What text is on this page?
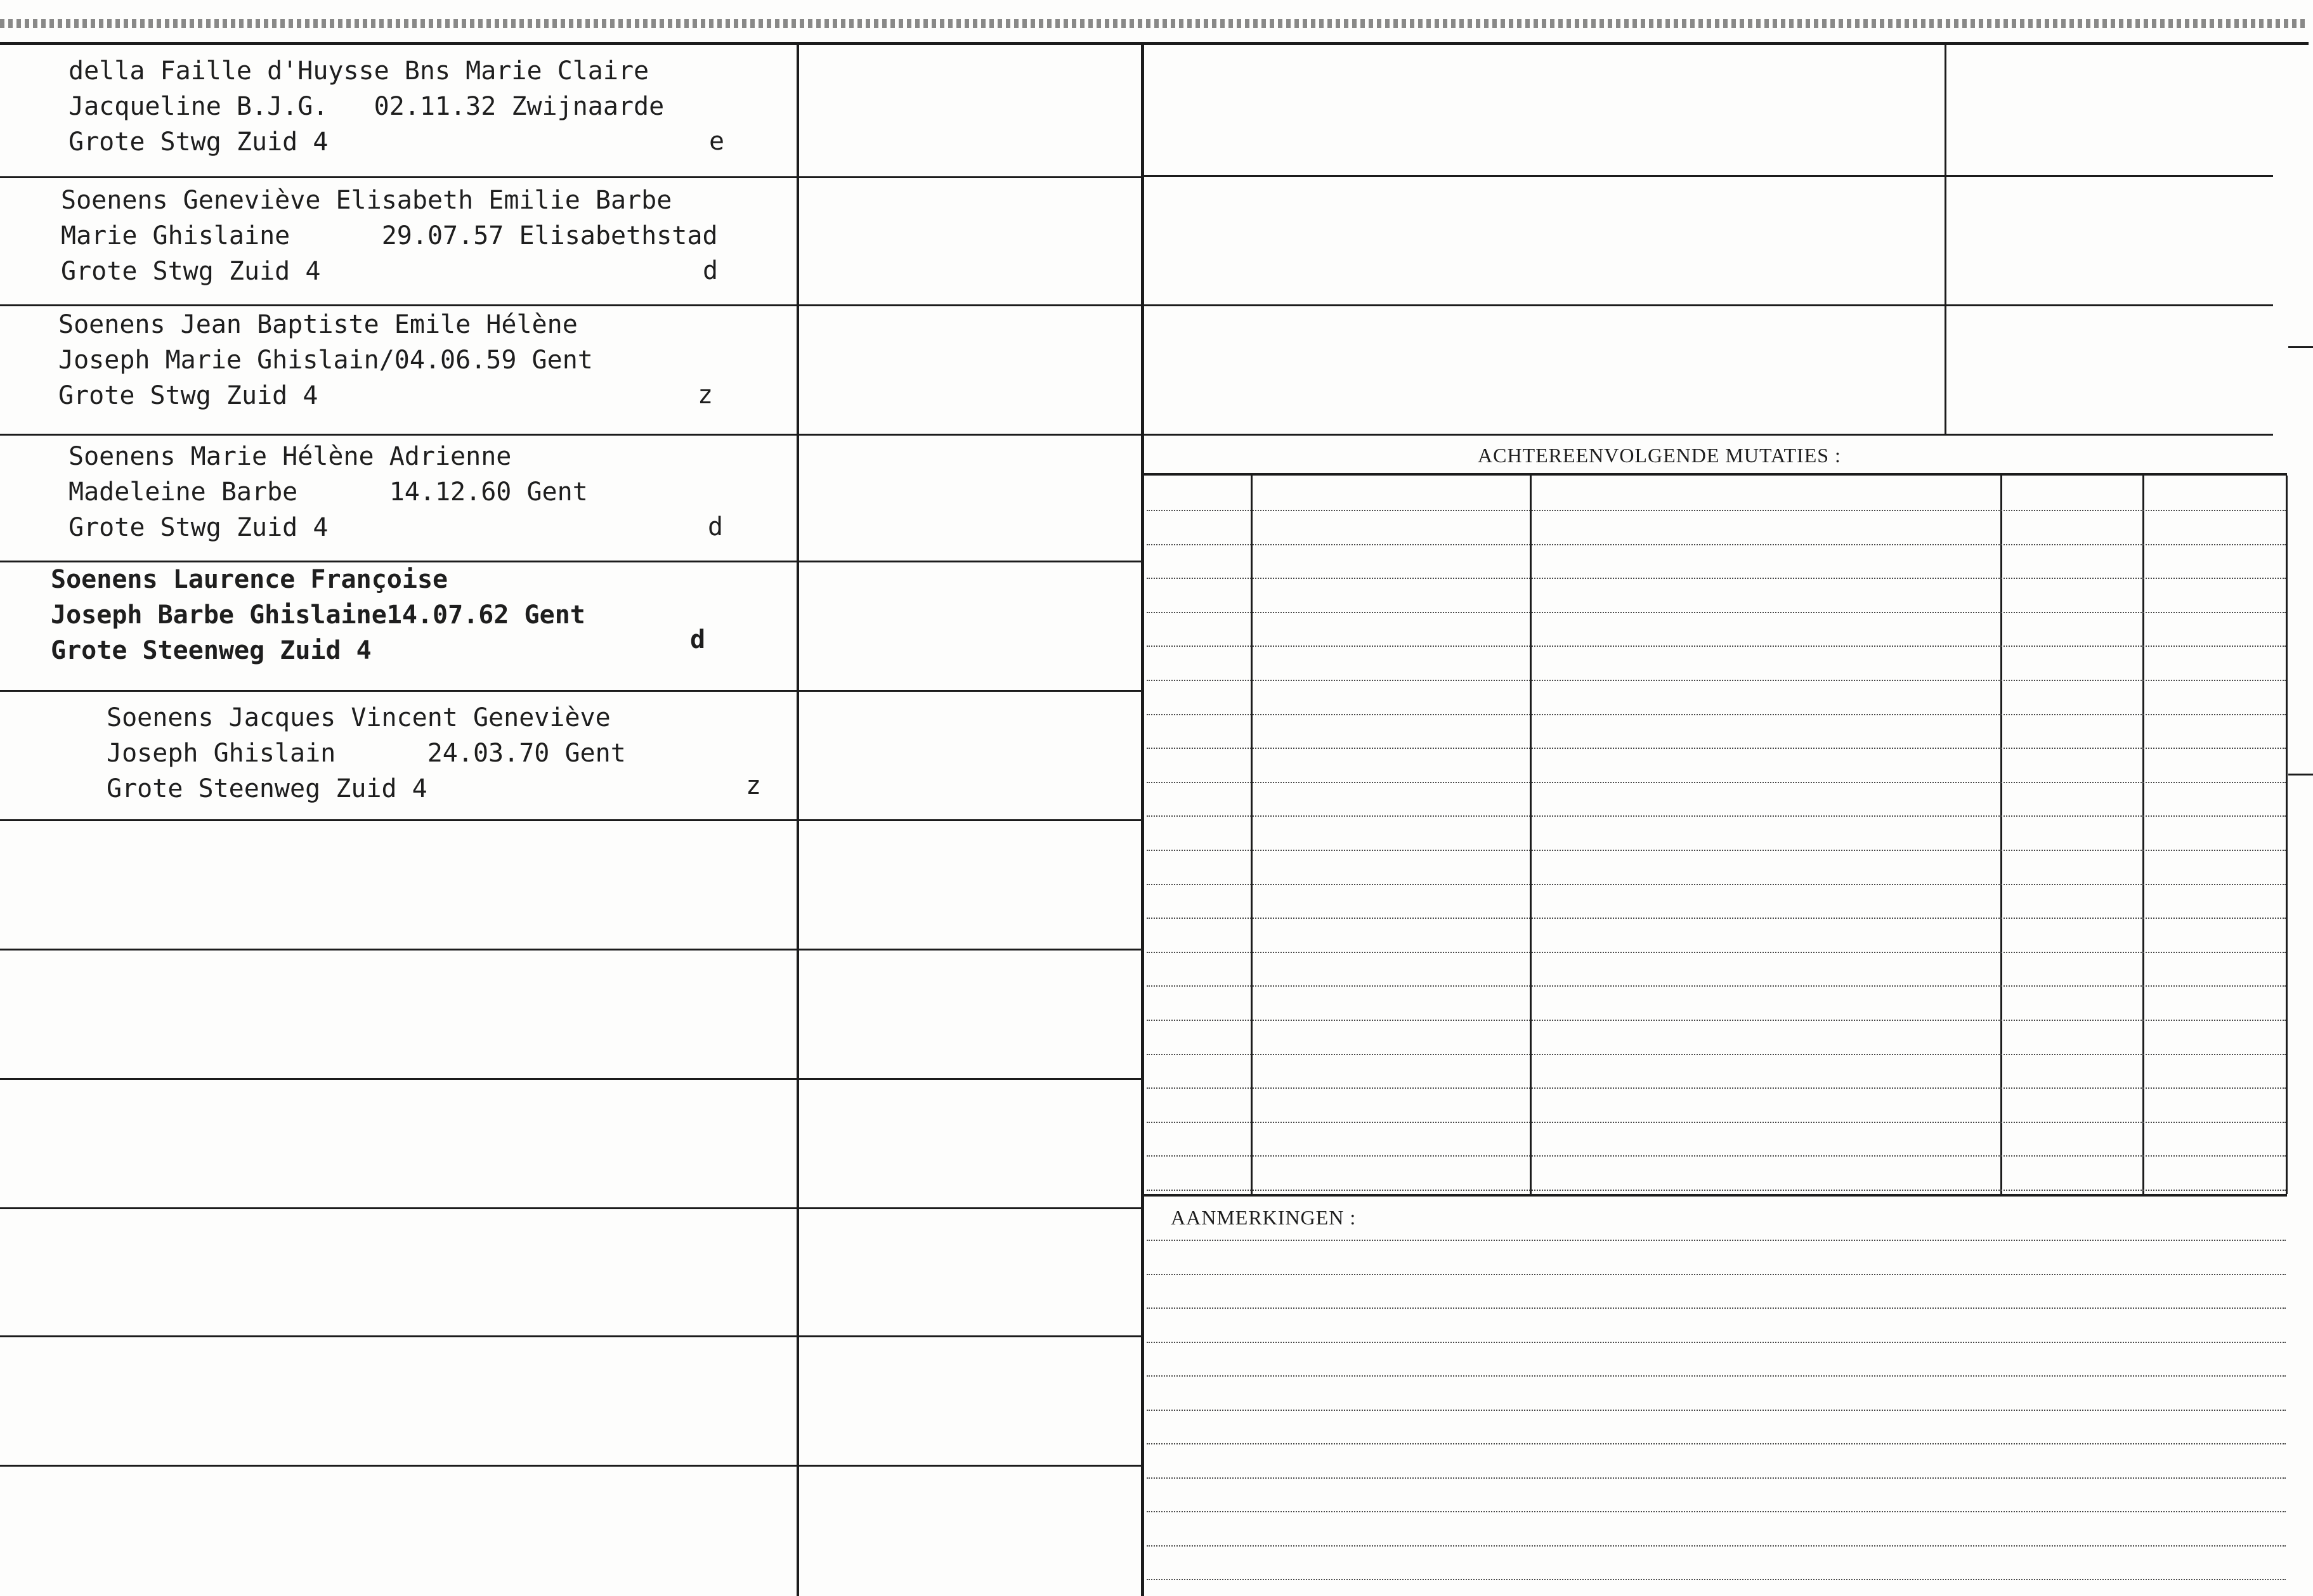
della Faille d'Huysse Bns Marie Claire
Jacqueline B.J.G.   02.11.32 Zwijnaarde
Grote Stwg Zuid 4	e
Soenens Geneviève Elisabeth Emilie Barbe
Marie Ghislaine      29.07.57 Elisabethstad
Grote Stwg Zuid 4	d
Soenens Jean Baptiste Emile Hélène
Joseph Marie Ghislain/04.06.59 Gent
Grote Stwg Zuid 4	z
Soenens Marie Hélène Adrienne
Madeleine Barbe      14.12.60 Gent
Grote Stwg Zuid 4	d
Soenens Laurence Françoise
Joseph Barbe Ghislaine14.07.62 Gent
Grote Steenweg Zuid 4	d
Soenens Jacques Vincent Geneviève
Joseph Ghislain      24.03.70 Gent
Grote Steenweg Zuid 4	z
ACHTEREENVOLGENDE MUTATIES :
AANMERKINGEN :
